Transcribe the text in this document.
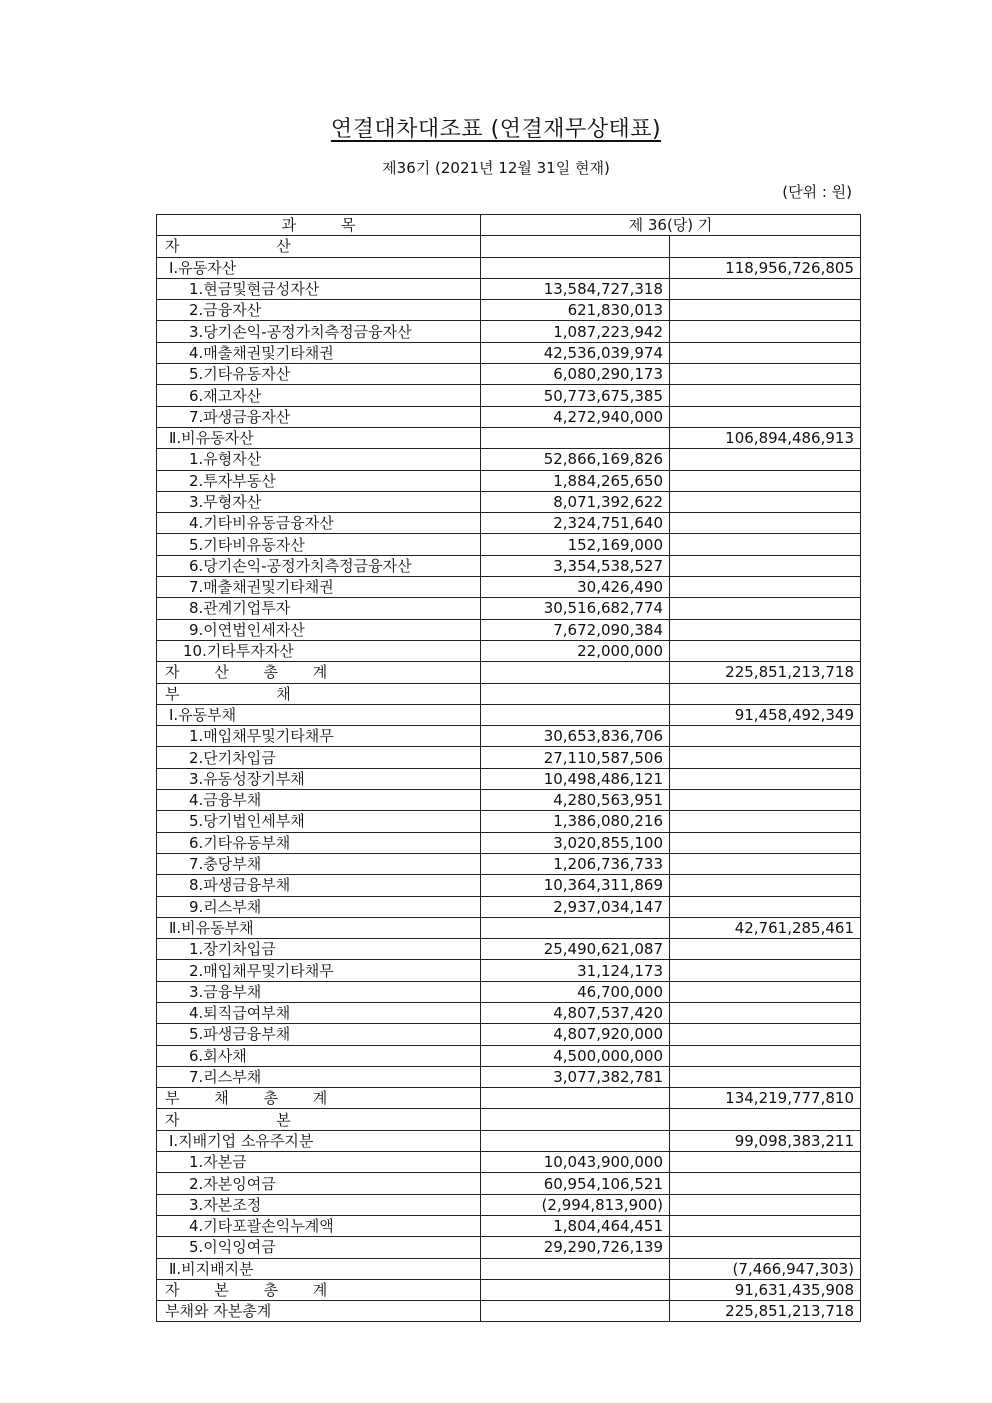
연결대차대조표 (연결재무상태표)
제36기 (2021년 12월 31일 현재)
(단위 : 원)
과 목	제 36(당) 기	
자 산		
Ⅰ.유동자산		118,956,726,805
1.현금및현금성자산	13,584,727,318	
2.금융자산	621,830,013	
3.당기손익-공정가치측정금융자산	1,087,223,942	
4.매출채권및기타채권	42,536,039,974	
5.기타유동자산	6,080,290,173	
6.재고자산	50,773,675,385	
7.파생금융자산	4,272,940,000	
Ⅱ.비유동자산		106,894,486,913
1.유형자산	52,866,169,826	
2.투자부동산	1,884,265,650	
3.무형자산	8,071,392,622	
4.기타비유동금융자산	2,324,751,640	
5.기타비유동자산	152,169,000	
6.당기손익-공정가치측정금융자산	3,354,538,527	
7.매출채권및기타채권	30,426,490	
8.관계기업투자	30,516,682,774	
9.이연법인세자산	7,672,090,384	
10.기타투자자산	22,000,000	
자 산 총 계		225,851,213,718
부 채		
Ⅰ.유동부채		91,458,492,349
1.매입채무및기타채무	30,653,836,706	
2.단기차입금	27,110,587,506	
3.유동성장기부채	10,498,486,121	
4.금융부채	4,280,563,951	
5.당기법인세부채	1,386,080,216	
6.기타유동부채	3,020,855,100	
7.충당부채	1,206,736,733	
8.파생금융부채	10,364,311,869	
9.리스부채	2,937,034,147	
Ⅱ.비유동부채		42,761,285,461
1.장기차입금	25,490,621,087	
2.매입채무및기타채무	31,124,173	
3.금융부채	46,700,000	
4.퇴직급여부채	4,807,537,420	
5.파생금융부채	4,807,920,000	
6.회사채	4,500,000,000	
7.리스부채	3,077,382,781	
부 채 총 계		134,219,777,810
자 본		
Ⅰ.지배기업 소유주지분		99,098,383,211
1.자본금	10,043,900,000	
2.자본잉여금	60,954,106,521	
3.자본조정	(2,994,813,900)	
4.기타포괄손익누계액	1,804,464,451	
5.이익잉여금	29,290,726,139	
Ⅱ.비지배지분		(7,466,947,303)
자 본 총 계		91,631,435,908
부채와 자본총계		225,851,213,718
